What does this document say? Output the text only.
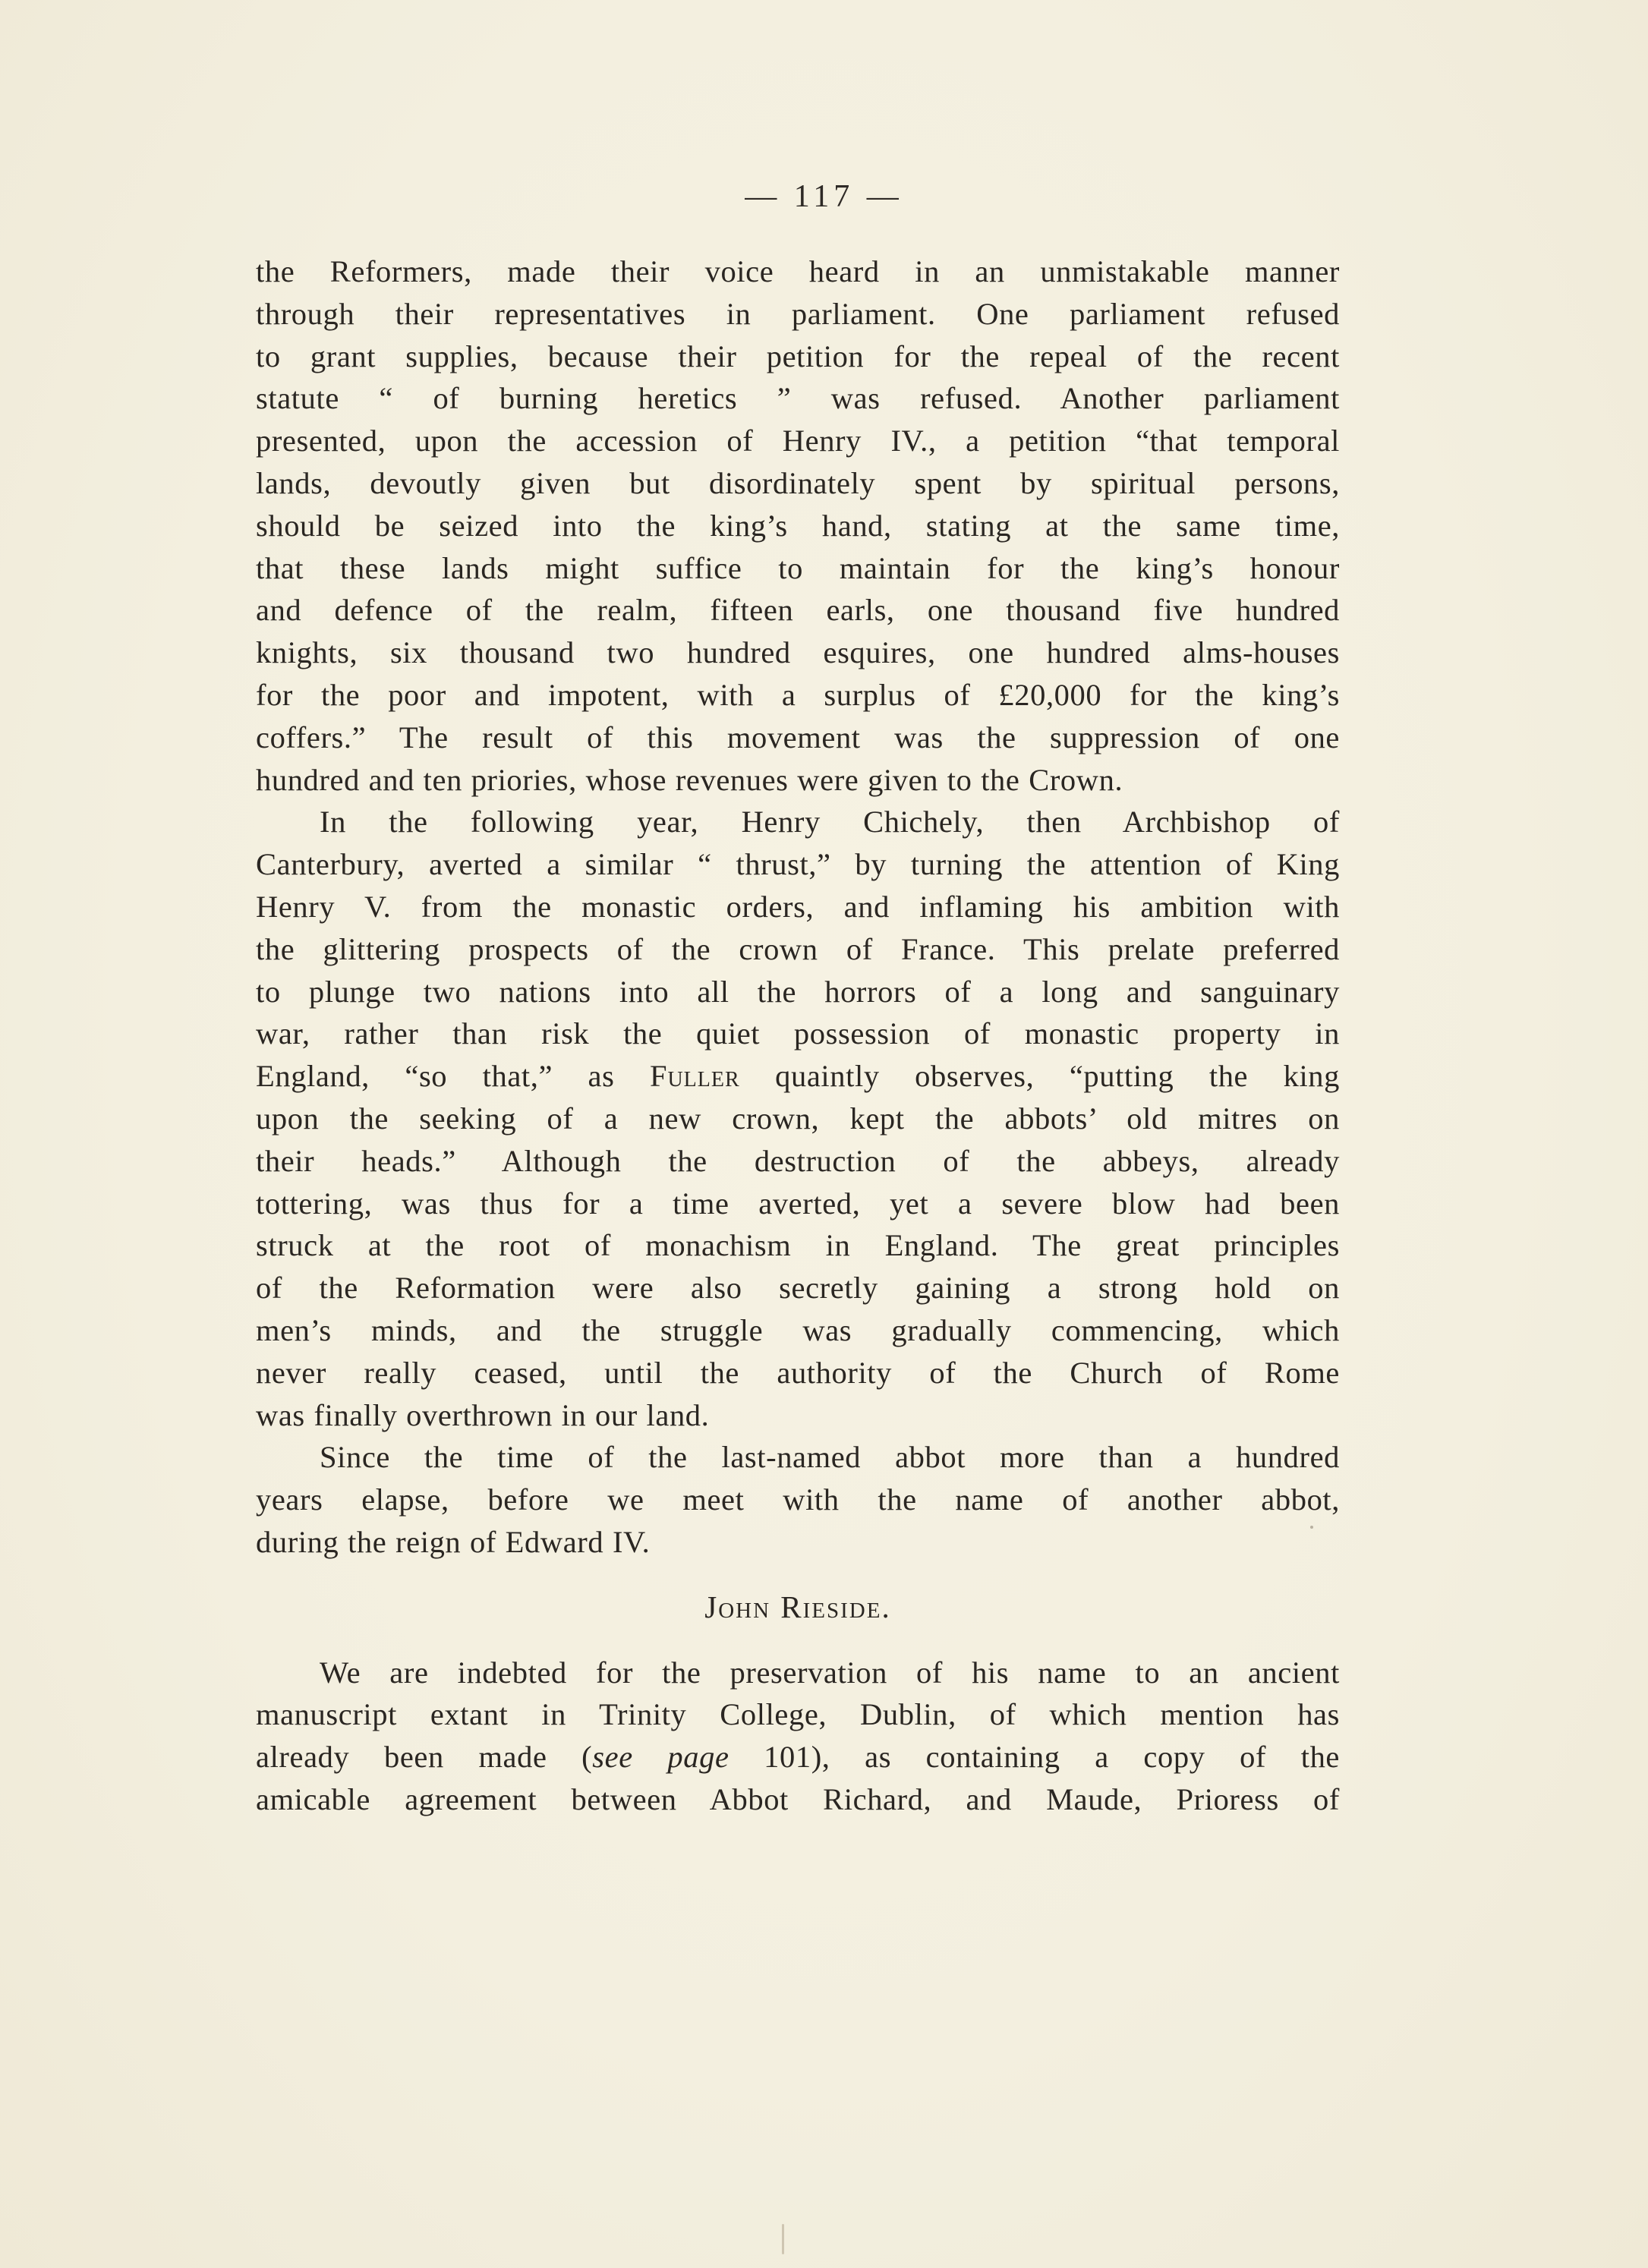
— 117 —

the Reformers, made their voice heard in an unmistakable manner
through their representatives in parliament. One parliament refused
to grant supplies, because their petition for the repeal of the recent
statute “ of burning heretics ” was refused. Another parliament
presented, upon the accession of Henry IV., a petition “that temporal
lands, devoutly given but disordinately spent by spiritual persons,
should be seized into the king’s hand, stating at the same time,
that these lands might suffice to maintain for the king’s honour
and defence of the realm, fifteen earls, one thousand five hundred
knights, six thousand two hundred esquires, one hundred alms-houses
for the poor and impotent, with a surplus of £20,000 for the king’s
coffers.” The result of this movement was the suppression of one
hundred and ten priories, whose revenues were given to the Crown.

In the following year, Henry Chichely, then Archbishop of
Canterbury, averted a similar “ thrust,” by turning the attention of King
Henry V. from the monastic orders, and inflaming his ambition with
the glittering prospects of the crown of France. This prelate preferred
to plunge two nations into all the horrors of a long and sanguinary
war, rather than risk the quiet possession of monastic property in
England, “so that,” as Fuller quaintly observes, “putting the king
upon the seeking of a new crown, kept the abbots’ old mitres on
their heads.” Although the destruction of the abbeys, already
tottering, was thus for a time averted, yet a severe blow had been
struck at the root of monachism in England. The great principles
of the Reformation were also secretly gaining a strong hold on
men’s minds, and the struggle was gradually commencing, which
never really ceased, until the authority of the Church of Rome
was finally overthrown in our land.

Since the time of the last-named abbot more than a hundred
years elapse, before we meet with the name of another abbot,
during the reign of Edward IV.

John Rieside.

We are indebted for the preservation of his name to an ancient
manuscript extant in Trinity College, Dublin, of which mention has
already been made (see page 101), as containing a copy of the
amicable agreement between Abbot Richard, and Maude, Prioress of
